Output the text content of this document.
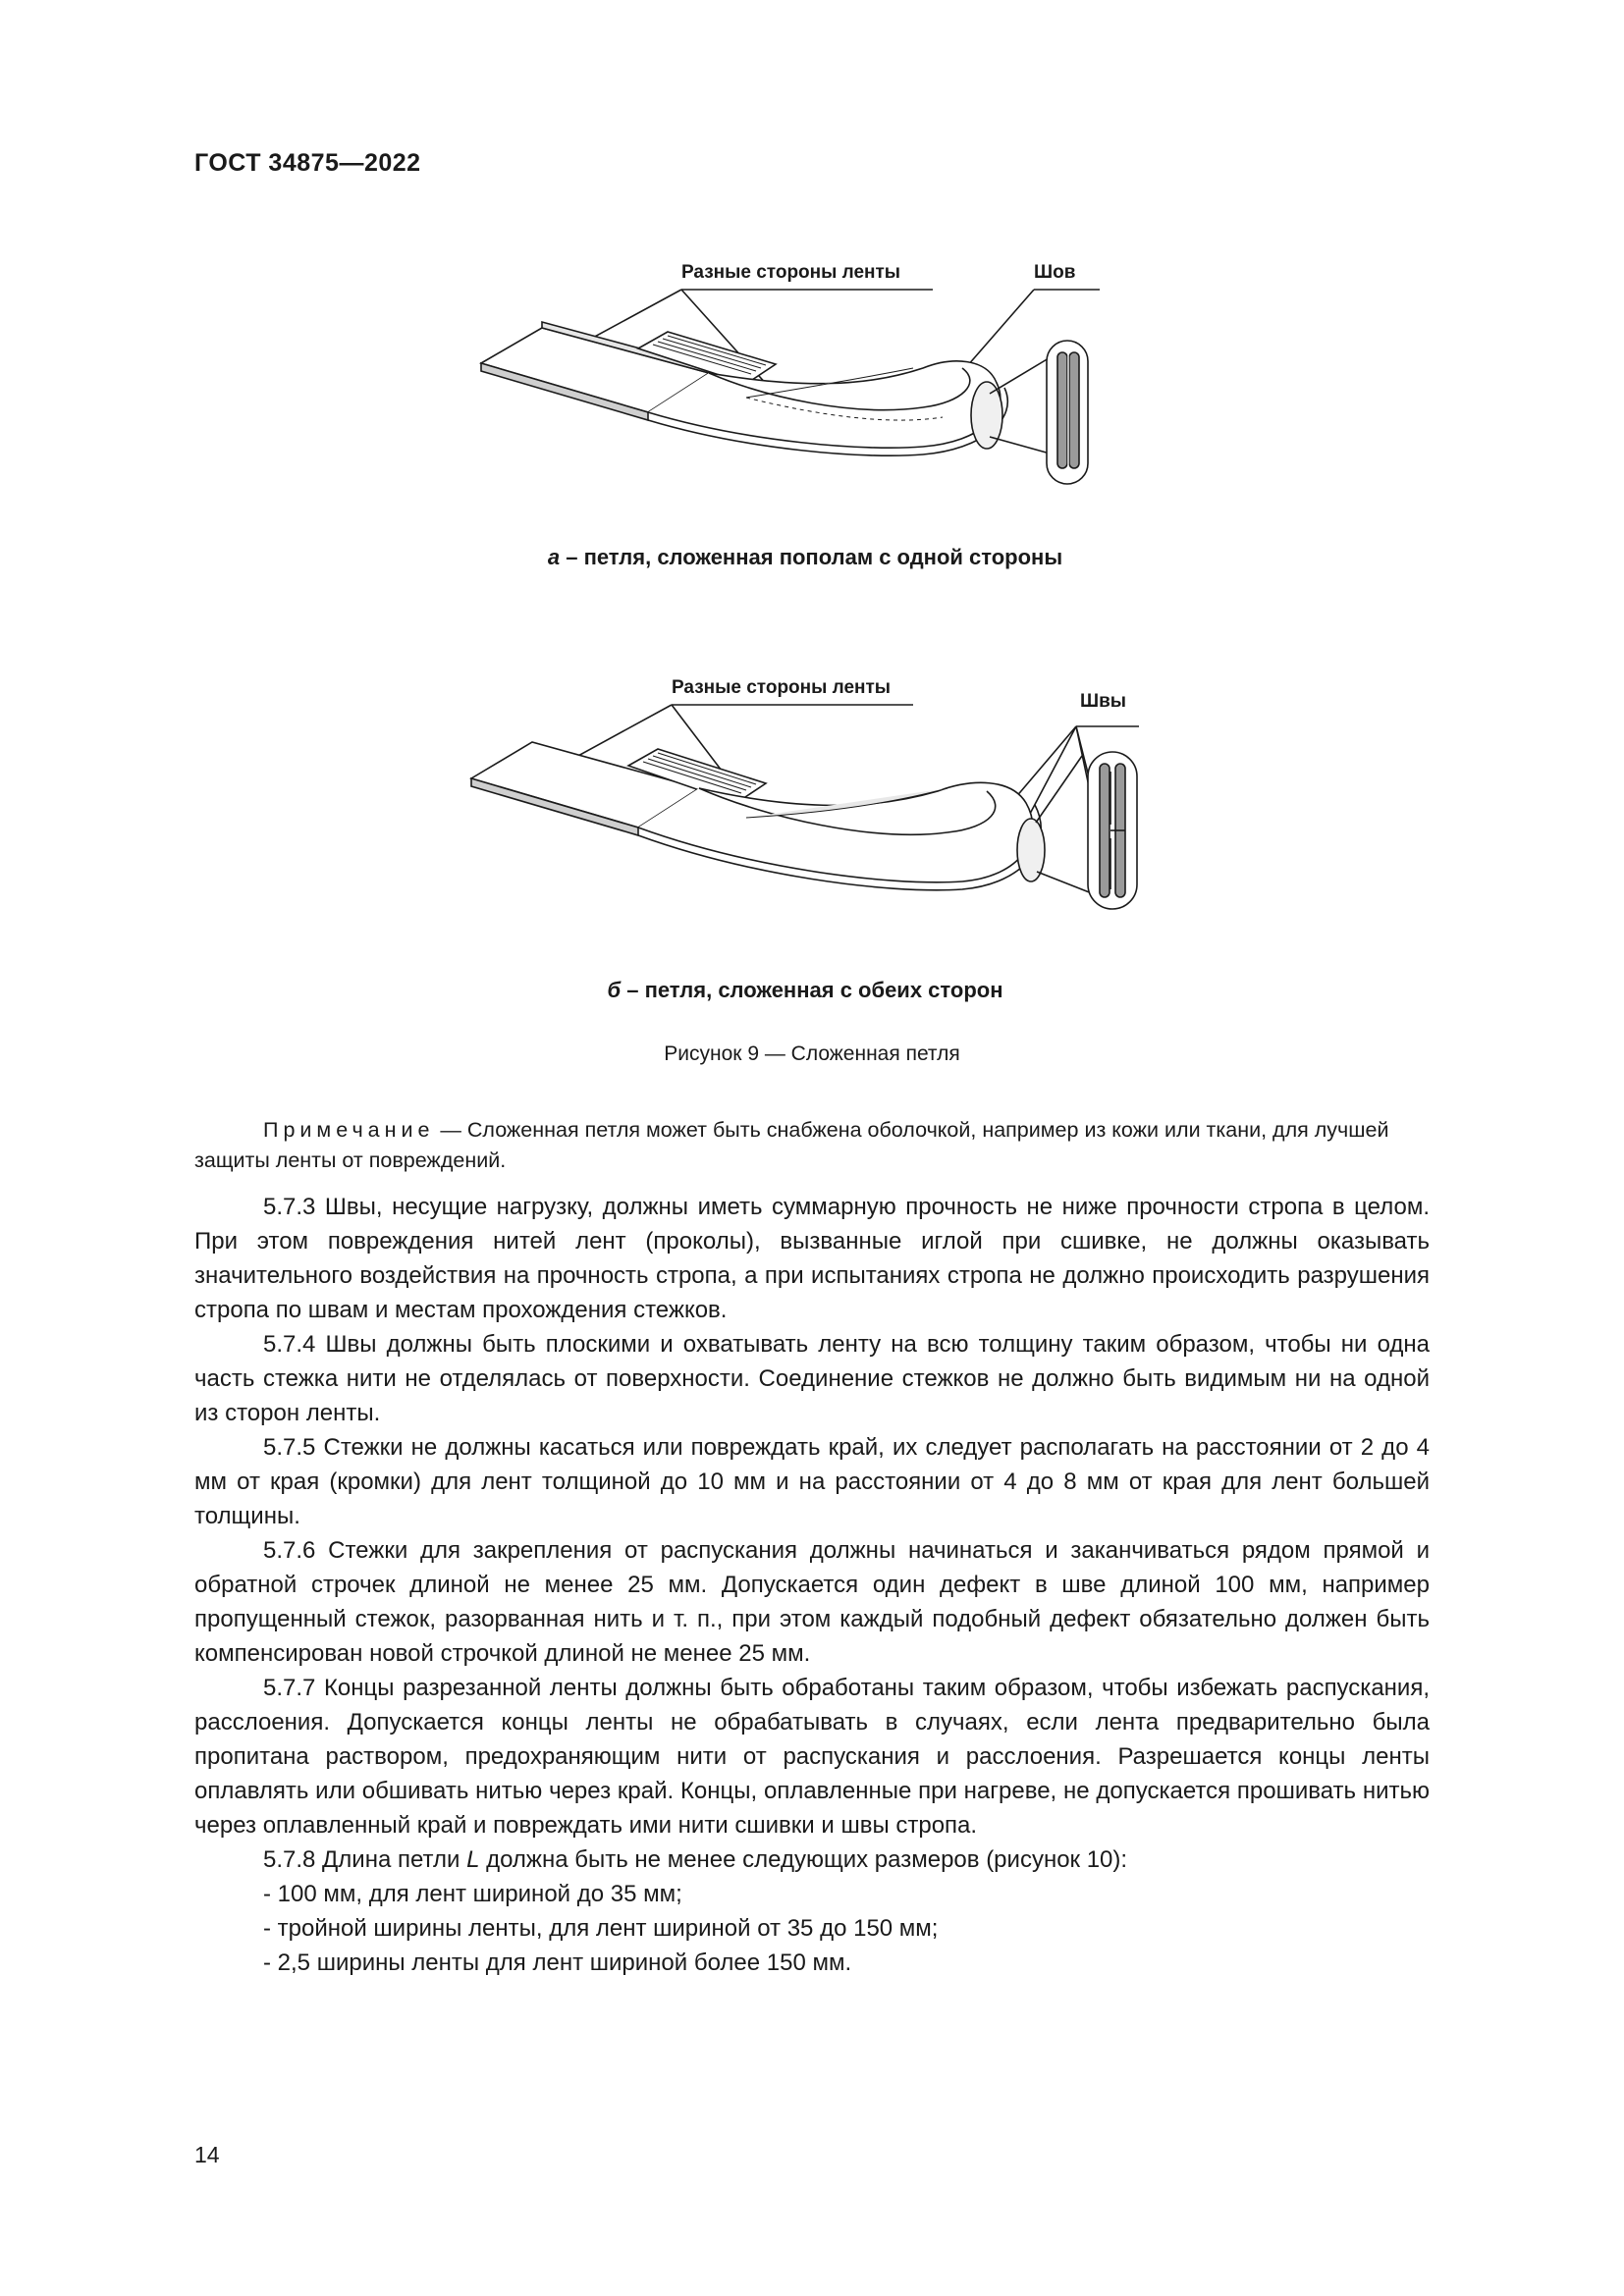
ГОСТ 34875—2022
Разные стороны ленты	Шов
а – петля, сложенная пополам с одной стороны
Разные стороны ленты
Швы
б – петля, сложенная с обеих сторон
Рисунок 9 — Сложенная петля
Примечание — Сложенная петля может быть снабжена оболочкой, например из кожи или ткани, для лучшей защиты ленты от повреждений.

5.7.3 Швы, несущие нагрузку, должны иметь суммарную прочность не ниже прочности стропа в целом. При этом повреждения нитей лент (проколы), вызванные иглой при сшивке, не должны оказывать значительного воздействия на прочность стропа, а при испытаниях стропа не должно происходить разрушения стропа по швам и местам прохождения стежков.

5.7.4 Швы должны быть плоскими и охватывать ленту на всю толщину таким образом, чтобы ни одна часть стежка нити не отделялась от поверхности. Соединение стежков не должно быть видимым ни на одной из сторон ленты.

5.7.5 Стежки не должны касаться или повреждать край, их следует располагать на расстоянии от 2 до 4 мм от края (кромки) для лент толщиной до 10 мм и на расстоянии от 4 до 8 мм от края для лент большей толщины.

5.7.6 Стежки для закрепления от распускания должны начинаться и заканчиваться рядом прямой и обратной строчек длиной не менее 25 мм. Допускается один дефект в шве длиной 100 мм, например пропущенный стежок, разорванная нить и т. п., при этом каждый подобный дефект обязательно должен быть компенсирован новой строчкой длиной не менее 25 мм.

5.7.7 Концы разрезанной ленты должны быть обработаны таким образом, чтобы избежать распускания, расслоения. Допускается концы ленты не обрабатывать в случаях, если лента предварительно была пропитана раствором, предохраняющим нити от распускания и расслоения. Разрешается концы ленты оплавлять или обшивать нитью через край. Концы, оплавленные при нагреве, не допускается прошивать нитью через оплавленный край и повреждать ими нити сшивки и швы стропа.

5.7.8 Длина петли L должна быть не менее следующих размеров (рисунок 10):

- 100 мм, для лент шириной до 35 мм;
- тройной ширины ленты, для лент шириной от 35 до 150 мм;
- 2,5 ширины ленты для лент шириной более 150 мм.
14
